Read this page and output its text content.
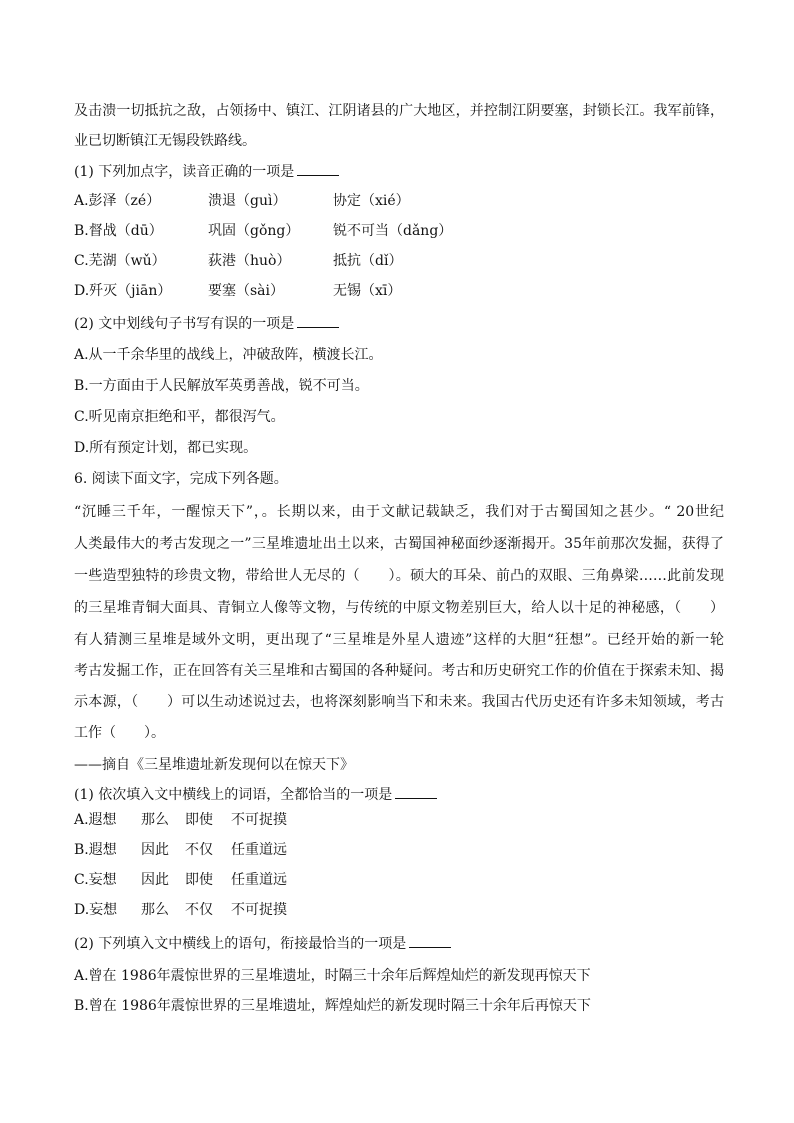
及击溃一切抵抗之敌，占领扬中、镇江、江阴诸县的广大地区，并控制江阴要塞，封锁长江。我军前锋，
业已切断镇江无锡段铁路线。
(1) 下列加点字，读音正确的一项是
A.彭泽（zé）	溃退（guì）	协定（xié）
B.督战（dū）	巩固（gǒng） 锐不可当（dǎng）
C.芜湖（wǔ）	荻港（huò）	抵抗（dǐ）
D.歼灭（jiān）	要塞（sài）	无锡（xī）
(2) 文中划线句子书写有误的一项是
A.从一千余华里的战线上，冲破敌阵，横渡长江。
B.一方面由于人民解放军英勇善战，锐不可当。
C.听见南京拒绝和平，都很泻气。
D.所有预定计划，都已实现。
6. 阅读下面文字，完成下列各题。
“沉睡三千年，一醒惊天下”，。长期以来，由于文献记载缺乏，我们对于古蜀国知之甚少。“ 20世纪
人类最伟大的考古发现之一”三星堆遗址出土以来，古蜀国神秘面纱逐渐揭开。35年前那次发掘，获得了
一些造型独特的珍贵文物，带给世人无尽的（　　）。硕大的耳朵、前凸的双眼、三角鼻梁……此前发现
的三星堆青铜大面具、青铜立人像等文物，与传统的中原文物差别巨大，给人以十足的神秘感，（　　）
有人猜测三星堆是域外文明，更出现了“三星堆是外星人遗迹”这样的大胆“狂想”。已经开始的新一轮
考古发掘工作，正在回答有关三星堆和古蜀国的各种疑问。考古和历史研究工作的价值在于探索未知、揭
示本源，（　　）可以生动述说过去，也将深刻影响当下和未来。我国古代历史还有许多未知领域，考古
工作（　　）。
——摘自《三星堆遗址新发现何以在惊天下》
(1) 依次填入文中横线上的词语，全都恰当的一项是
A.遐想 那么 即使 不可捉摸
B.遐想 因此 不仅 任重道远
C.妄想 因此 即使 任重道远
D.妄想 那么 不仅 不可捉摸
(2) 下列填入文中横线上的语句，衔接最恰当的一项是
A.曾在 1986年震惊世界的三星堆遗址，时隔三十余年后辉煌灿烂的新发现再惊天下
B.曾在 1986年震惊世界的三星堆遗址，辉煌灿烂的新发现时隔三十余年后再惊天下
